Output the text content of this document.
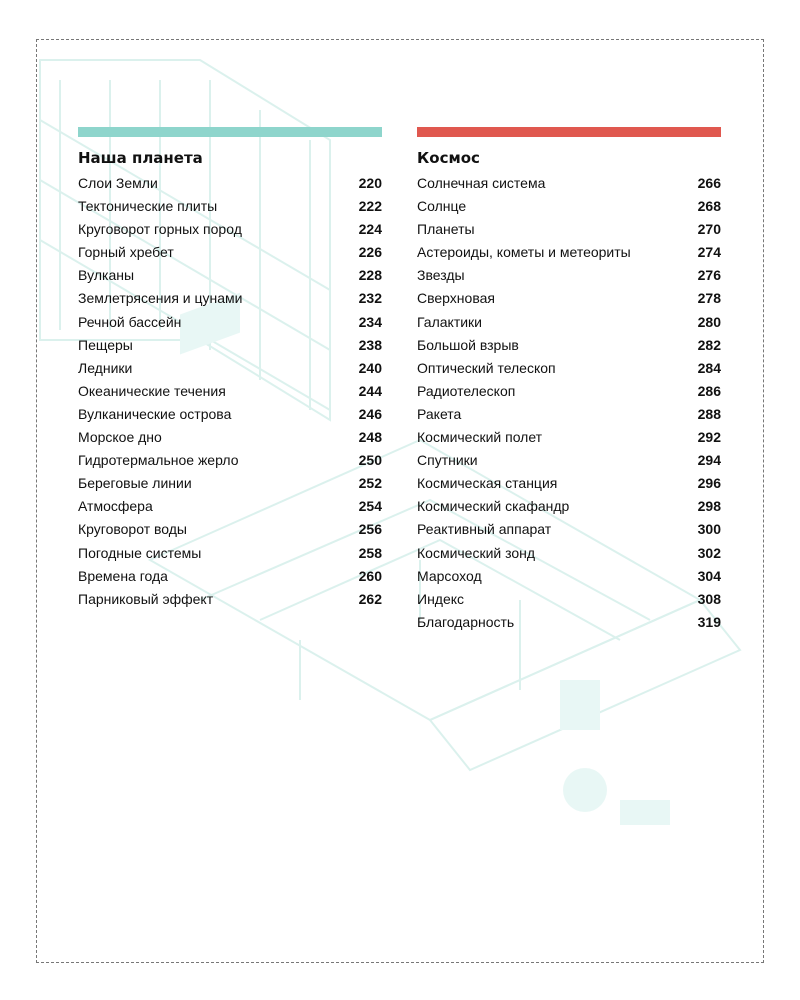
Наша планета
Слои Земли	220
Тектонические плиты	222
Круговорот горных пород	224
Горный хребет	226
Вулканы	228
Землетрясения и цунами	232
Речной бассейн	234
Пещеры	238
Ледники	240
Океанические течения	244
Вулканические острова	246
Морское дно	248
Гидротермальное жерло	250
Береговые линии	252
Атмосфера	254
Круговорот воды	256
Погодные системы	258
Времена года	260
Парниковый эффект	262
Космос
Солнечная система	266
Солнце	268
Планеты	270
Астероиды, кометы и метеориты	274
Звезды	276
Сверхновая	278
Галактики	280
Большой взрыв	282
Оптический телескоп	284
Радиотелескоп	286
Ракета	288
Космический полет	292
Спутники	294
Космическая станция	296
Космический скафандр	298
Реактивный аппарат	300
Космический зонд	302
Марсоход	304
Индекс	308
Благодарность	319
